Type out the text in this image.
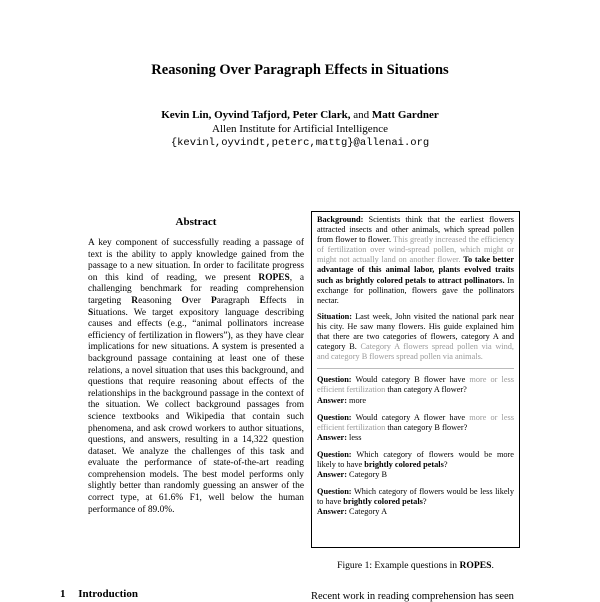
Reasoning Over Paragraph Effects in Situations
Kevin Lin, Oyvind Tafjord, Peter Clark, and Matt Gardner
Allen Institute for Artificial Intelligence
{kevinl,oyvindt,peterc,mattg}@allenai.org
Abstract
A key component of successfully reading a passage of text is the ability to apply knowledge gained from the passage to a new situation. In order to facilitate progress on this kind of reading, we present ROPES, a challenging benchmark for reading comprehension targeting Reasoning Over Paragraph Effects in Situations. We target expository language describing causes and effects (e.g., “animal pollinators increase efficiency of fertilization in flowers”), as they have clear implications for new situations. A system is presented a background passage containing at least one of these relations, a novel situation that uses this background, and questions that require reasoning about effects of the relationships in the background passage in the context of the situation. We collect background passages from science textbooks and Wikipedia that contain such phenomena, and ask crowd workers to author situations, questions, and answers, resulting in a 14,322 question dataset. We analyze the challenges of this task and evaluate the performance of state-of-the-art reading comprehension models. The best model performs only slightly better than randomly guessing an answer of the correct type, at 61.6% F1, well below the human performance of 89.0%.
1 Introduction

Background: Scientists think that the earliest flowers attracted insects and other animals, which spread pollen from flower to flower. This greatly increased the efficiency of fertilization over wind-spread pollen, which might or might not actually land on another flower. To take better advantage of this animal labor, plants evolved traits such as brightly colored petals to attract pollinators. In exchange for pollination, flowers gave the pollinators nectar.

Situation: Last week, John visited the national park near his city. He saw many flowers. His guide explained him that there are two categories of flowers, category A and category B. Category A flowers spread pollen via wind, and category B flowers spread pollen via animals.

Question: Would category B flower have more or less efficient fertilization than category A flower?
Answer: more
Question: Would category A flower have more or less efficient fertilization than category B flower?
Answer: less
Question: Which category of flowers would be more likely to have brightly colored petals?
Answer: Category B
Question: Which category of flowers would be less likely to have brightly colored petals?
Answer: Category A
Figure 1: Example questions in ROPES.
Recent work in reading comprehension has seen
